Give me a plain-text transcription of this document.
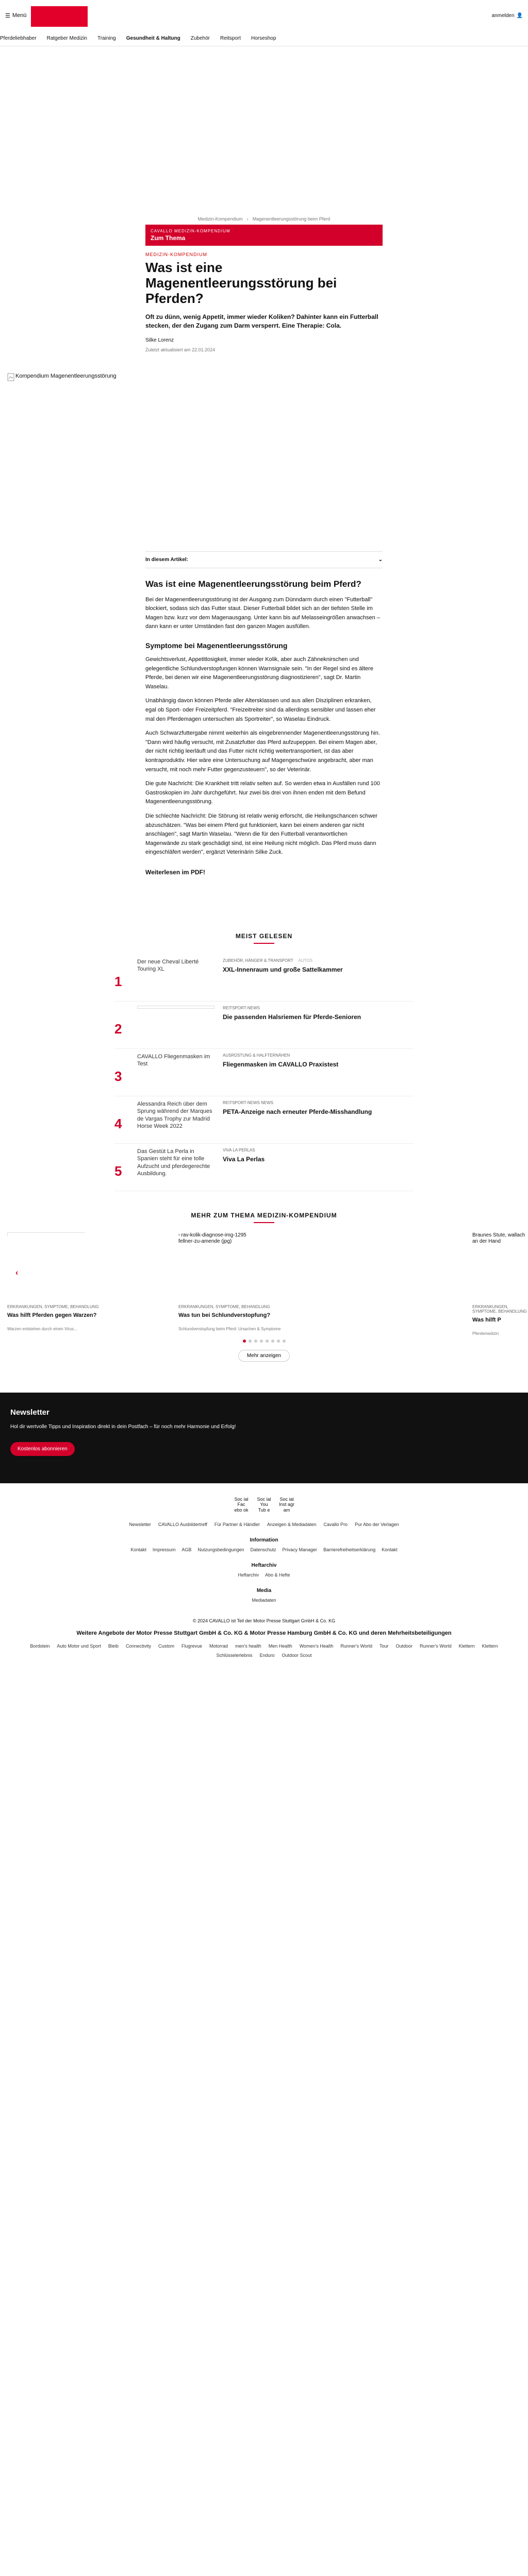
☰ Menü	anmelden 👤
Pferdeliebhaber Ratgeber Medizin Training Gesundheit & Haltung Zubehör Reitsport Horseshop
Medizin-Kompendium › Magenentleerungsstörung beim Pferd
CAVALLO MEDIZIN-KOMPENDIUM
Zum Thema
MEDIZIN-KOMPENDIUM
Was ist eine Magenentleerungsstörung bei Pferden?

Oft zu dünn, wenig Appetit, immer wieder Koliken? Dahinter kann ein Futterball stecken, der den Zugang zum Darm versperrt. Eine Therapie: Cola.

Silke Lorenz
Zuletzt aktualisiert am 22.01.2024
Kompendium Magenentleerungsstörung
In diesem Artikel:	⌄
Was ist eine Magenentleerungsstörung beim Pferd?

Bei der Magenentleerungsstörung ist der Ausgang zum Dünndarm durch einen "Futterball" blockiert, sodass sich das Futter staut. Dieser Futterball bildet sich an der tiefsten Stelle im Magen bzw. kurz vor dem Magenausgang. Unter kann bis auf Melasseingrößen anwachsen – dann kann er unter Umständen fast den ganzen Magen ausfüllen.

Symptome bei Magenentleerungsstörung

Gewichtsverlust, Appetitlosigkeit, immer wieder Kolik, aber auch Zähneknirschen und gelegentliche Schlundverstopfungen können Warnsignale sein. "In der Regel sind es ältere Pferde, bei denen wir eine Magenentleerungsstörung diagnostizieren", sagt Dr. Martin Waselau.

Unabhängig davon können Pferde aller Altersklassen und aus allen Disziplinen erkranken, egal ob Sport- oder Freizeitpferd. "Freizeitreiter sind da allerdings sensibler und lassen eher mal den Pferdemagen untersuchen als Sportreiter", so Waselau Eindruck.

Auch Schwarzfuttergabe nimmt weiterhin als eingebrennender Magenentleerungsstörung hin. "Dann wird häufig versucht, mit Zusatzfutter das Pferd aufzupeppen. Bei einem Magen aber, der nicht richtig leerläuft und das Futter nicht richtig weitertransportiert, ist das aber kontraproduktiv. Hier wäre eine Untersuchung auf Magengeschwüre angebracht, aber man versucht, mit noch mehr Futter gegenzusteuern", so der Veterinär.

Die gute Nachricht: Die Krankheit tritt relativ selten auf. So werden etwa in Ausfällen rund 100 Gastroskopien im Jahr durchgeführt. Nur zwei bis drei von ihnen enden mit dem Befund Magenentleerungsstörung.

Die schlechte Nachricht: Die Störung ist relativ wenig erforscht, die Heilungschancen schwer abzuschätzen. "Was bei einem Pferd gut funktioniert, kann bei einem anderen gar nicht anschlagen", sagt Martin Waselau. "Wenn die für den Futterball verantwortlichen Magenwände zu stark geschädigt sind, ist eine Heilung nicht möglich. Das Pferd muss dann eingeschläfert werden", ergänzt Veterinärin Silke Zuck.

Weiterlesen im PDF!
MEIST GELESEN
1
Der neue Cheval Liberté Touring XL
ZUBEHÖR, HÄNGER & TRANSPORT AUTOS
XXL-Innenraum und große Sattelkammer
2
REITSPORT-NEWS
Die passenden Halsriemen für Pferde-Senioren
3
CAVALLO Fliegenmasken im Test
AUSRÜSTUNG & HALFTERNÄHEN
Fliegenmasken im CAVALLO Praxistest
4
Alessandra Reich über dem Sprung während der Marques de Vargas Trophy zur Madrid Horse Week 2022
REITSPORT-NEWS NEWS
PETA-Anzeige nach erneuter Pferde-Misshandlung
5
Das Gestüt La Perla in Spanien steht für eine tolle Aufzucht und pferdegerechte Ausbildung.
VIVA LA PERLAS
Viva La Perlas
MEHR ZUM THEMA MEDIZIN-KOMPENDIUM
▫ rav-kolik-diagnose-img-1295 fellner-zu-amende (jpg)
Braunes Stute, wallach an der Hand
‹
ERKRANKUNGEN, SYMPTOME, BEHANDLUNG
Was hilft Pferden gegen Warzen?
Warzen entstehen durch einen Virus...
ERKRANKUNGEN, SYMPTOME, BEHANDLUNG
Was tun bei Schlundverstopfung?
Schlundverstopfung beim Pferd: Ursachen & Symptome
ERKRANKUNGEN, SYMPTOME, BEHANDLUNG
Was hilft P
Pferdemedizin
Mehr anzeigen
Newsletter

Hol dir wertvolle Tipps und Inspiration direkt in dein Postfach – für noch mehr Harmonie und Erfolg!

Kostenlos abonnieren
Soc ial Fac ebo ok
Soc ial You Tub e
Soc ial Inst agr am
Newsletter CAVALLO Ausbildertreff Für Partner & Händler Anzeigen & Mediadaten Cavallo Pro Pur Abo der Verlagen
Information
Kontakt Impressum AGB Nutzungsbedingungen Datenschutz Privacy Manager Barrierefreiheitserklärung Kontakt
Heftarchiv
Heftarchiv Abo & Hefte
Media
Mediadaten
© 2024 CAVALLO ist Teil der Motor Presse Stuttgart GmbH & Co. KG
Weitere Angebote der Motor Presse Stuttgart GmbH & Co. KG & Motor Presse Hamburg GmbH & Co. KG und deren Mehrheitsbeteiligungen
Bordstein Auto Motor und Sport Bleib Connectivity Custom Flugrevue Motorrad men's health Men Health Women's Health Runner's World Tour Outdoor Runner's World Klettern Klettern
Schlüsselerlebnis Enduro Outdoor Scout
